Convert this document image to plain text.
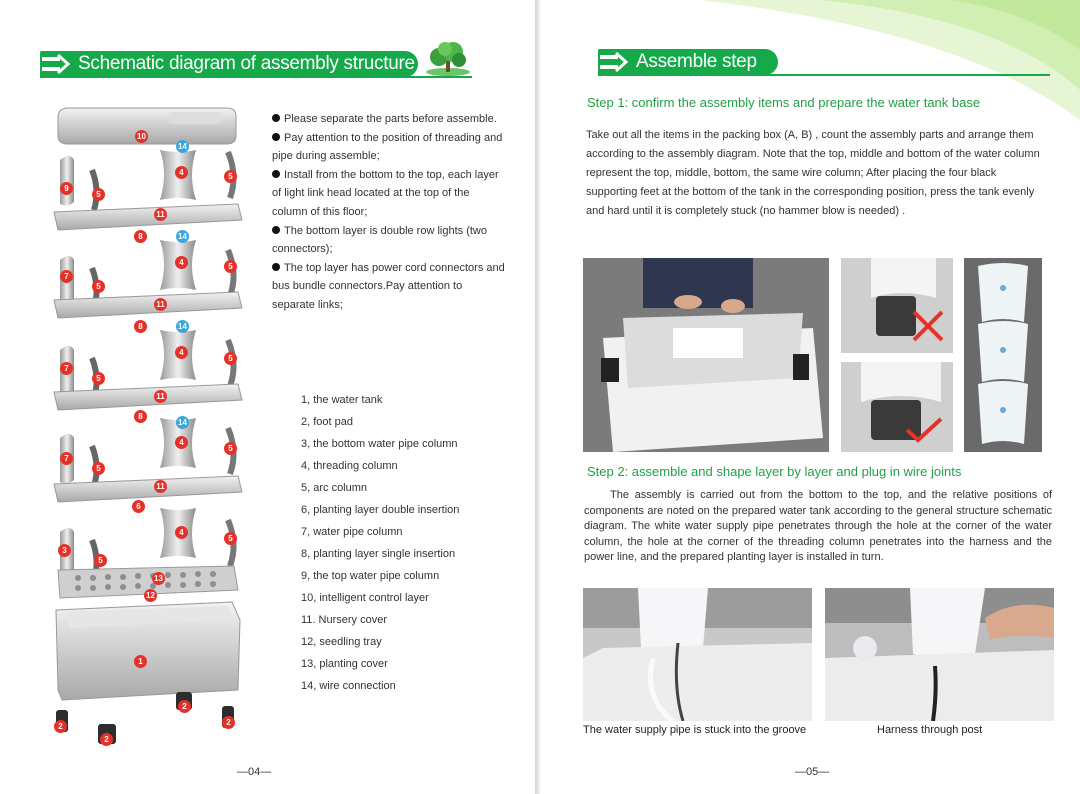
Schematic diagram of assembly structure
10
14
4	5
9
5
11
8	14
4	5
7
5
11
8	14
4
5
7
5
11
8
14
4
5
7
5
11
6
4
5
3
5
13
12
1
2
2	2
2

Please separate the parts before assemble.

Pay attention to the position of threading and pipe during assemble;

Install from the bottom to the top, each layer of light link head located at the top of the column of this floor;

The bottom layer is double row lights (two connectors);

The top layer has power cord connectors and bus bundle connectors.Pay attention to separate links;

1, the water tank
2, foot pad
3, the bottom water pipe column
4, threading column
5, arc column
6, planting layer double insertion
7, water pipe column
8, planting layer single insertion
9, the top water pipe column
10, intelligent control layer
11. Nursery cover
12, seedling tray
13, planting cover
14, wire connection
—04—
Assemble step
Step 1: confirm the assembly items and prepare the water tank base

Take out all the items in the packing box (A, B) , count the assembly parts and arrange them according to the assembly diagram. Note that the top, middle and bottom of the water column represent the top, middle, bottom, the same wire column; After placing the four black supporting feet at the bottom of the tank in the corresponding position, press the tank evenly and hard until it is completely stuck (no hammer blow is needed) .

Step 2: assemble and shape layer by layer and plug in wire joints

The assembly is carried out from the bottom to the top, and the relative positions of components are noted on the prepared water tank according to the general structure schematic diagram. The white water supply pipe penetrates through the hole at the corner of the water column, the hole at the corner of the threading column penetrates into the harness and the power line, and the prepared planting layer is installed in turn.

The water supply pipe is stuck into the groove	Harness through post
—05—
